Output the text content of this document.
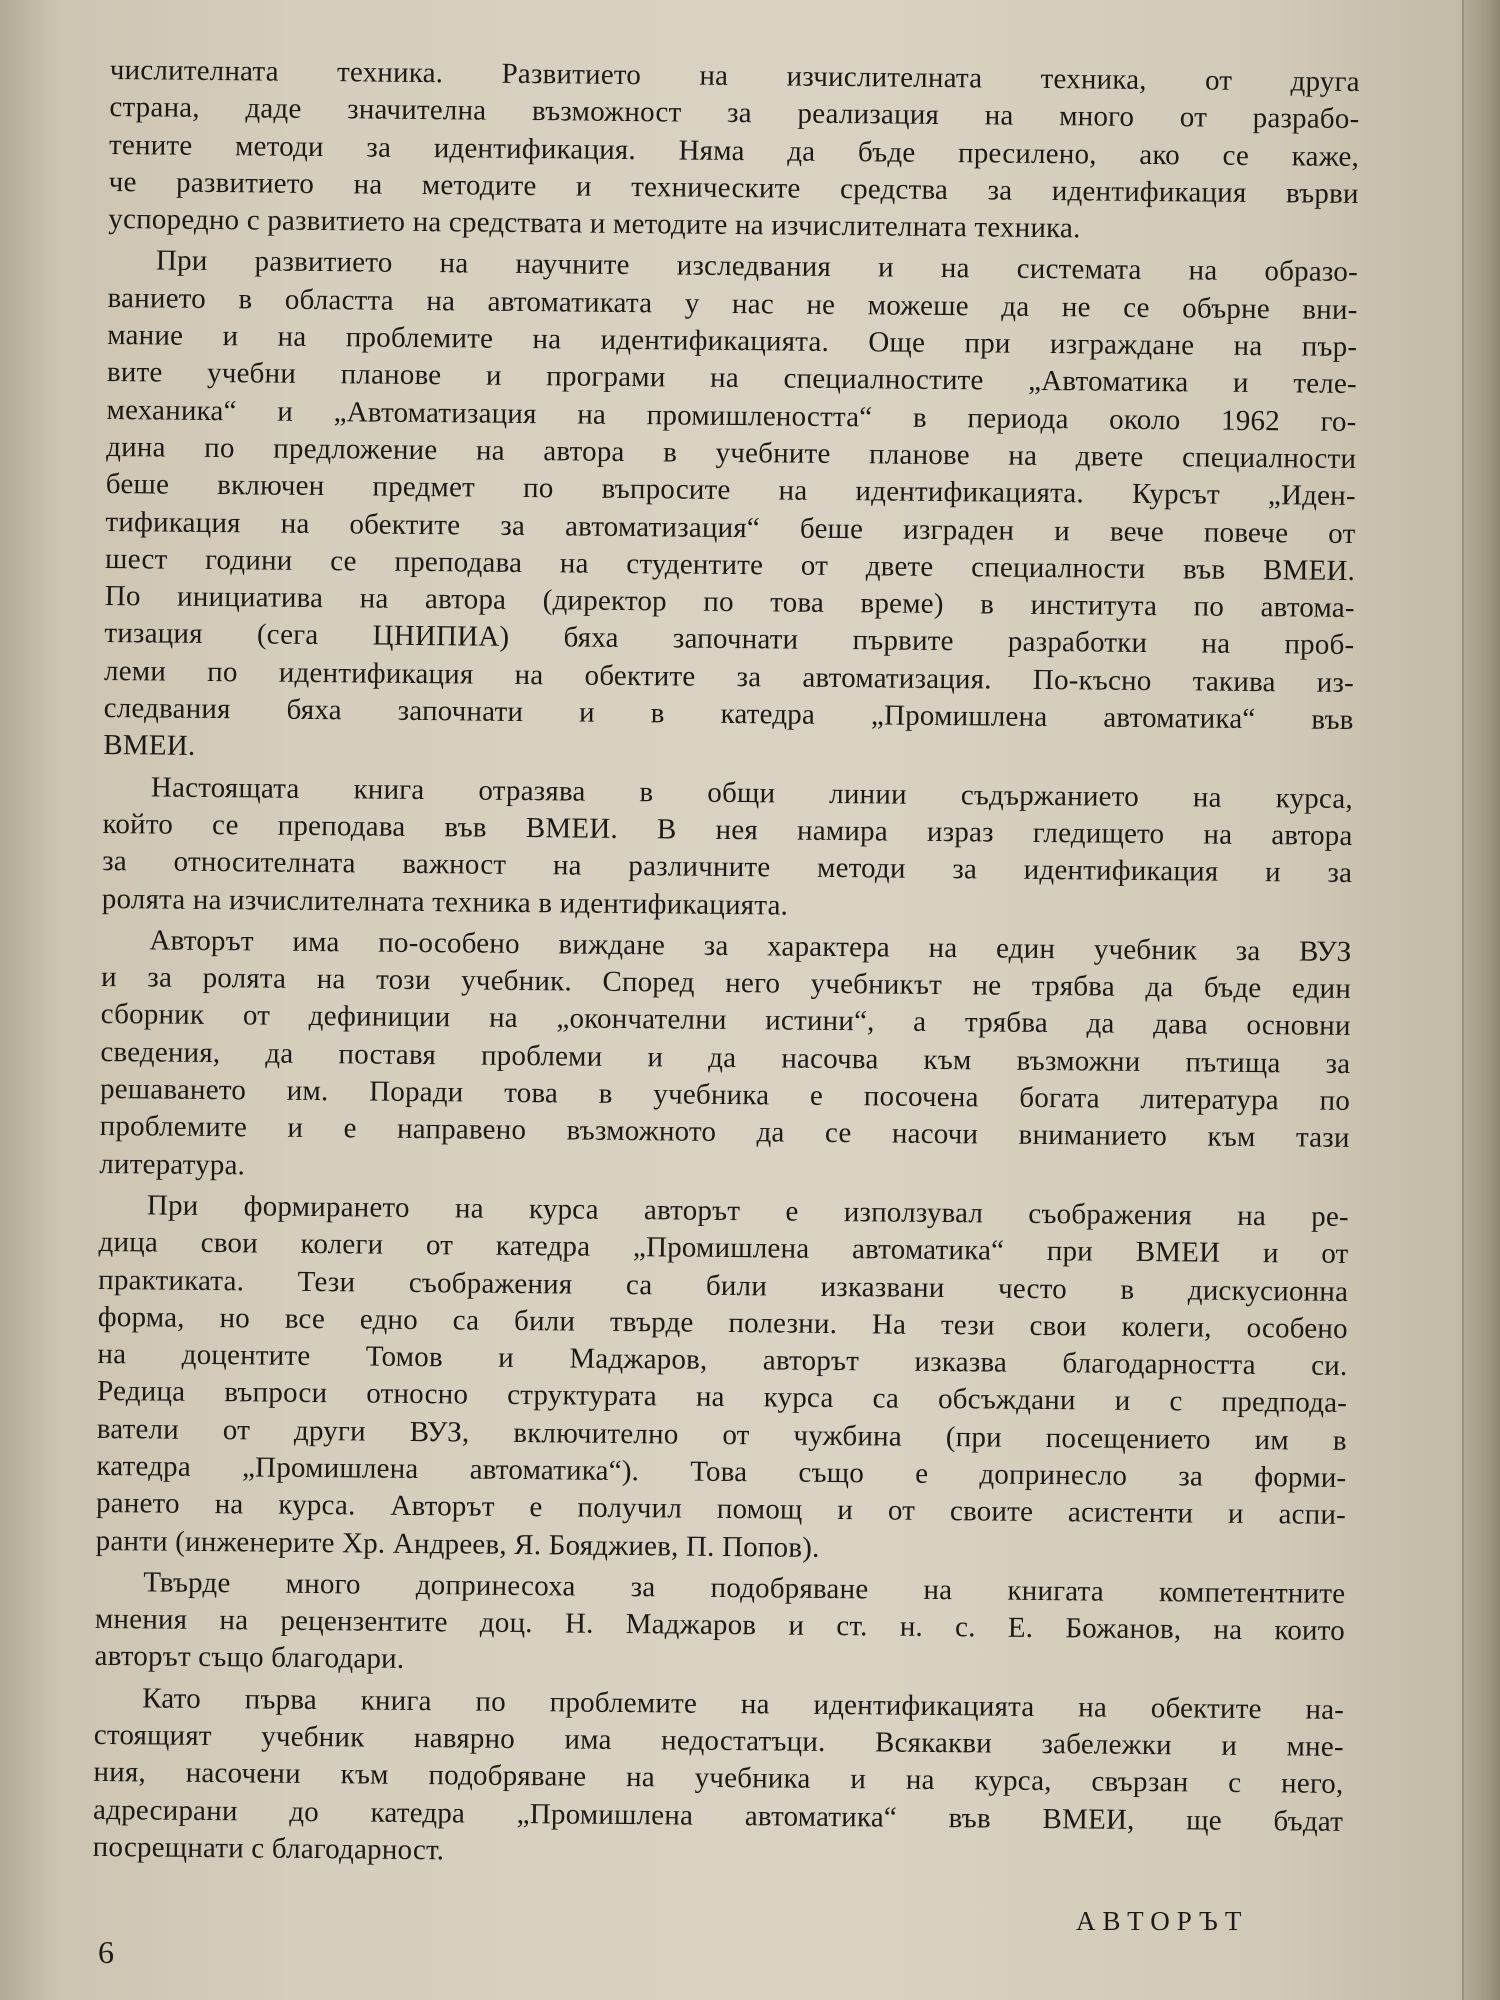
числителната техника. Развитието на изчислителната техника, от друга
страна, даде значителна възможност за реализация на много от разрабо-
тените методи за идентификация. Няма да бъде пресилено, ако се каже,
че развитието на методите и техническите средства за идентификация върви
успоредно с развитието на средствата и методите на изчислителната техника.
При развитието на научните изследвания и на системата на образо-
ванието в областта на автоматиката у нас не можеше да не се обърне вни-
мание и на проблемите на идентификацията. Още при изграждане на пър-
вите учебни планове и програми на специалностите „Автоматика и теле-
механика“ и „Автоматизация на промишлеността“ в периода около 1962 го-
дина по предложение на автора в учебните планове на двете специалности
беше включен предмет по въпросите на идентификацията. Курсът „Иден-
тификация на обектите за автоматизация“ беше изграден и вече повече от
шест години се преподава на студентите от двете специалности във ВМЕИ.
По инициатива на автора (директор по това време) в института по автома-
тизация (сега ЦНИПИА) бяха започнати първите разработки на проб-
леми по идентификация на обектите за автоматизация. По-късно такива из-
следвания бяха започнати и в катедра „Промишлена автоматика“ във
ВМЕИ.
Настоящата книга отразява в общи линии съдържанието на курса,
който се преподава във ВМЕИ. В нея намира израз гледището на автора
за относителната важност на различните методи за идентификация и за
ролята на изчислителната техника в идентификацията.
Авторът има по-особено виждане за характера на един учебник за ВУЗ
и за ролята на този учебник. Според него учебникът не трябва да бъде един
сборник от дефиниции на „окончателни истини“, а трябва да дава основни
сведения, да поставя проблеми и да насочва към възможни пътища за
решаването им. Поради това в учебника е посочена богата литература по
проблемите и е направено възможното да се насочи вниманието към тази
литература.
При формирането на курса авторът е използувал съображения на ре-
дица свои колеги от катедра „Промишлена автоматика“ при ВМЕИ и от
практиката. Тези съображения са били изказвани често в дискусионна
форма, но все едно са били твърде полезни. На тези свои колеги, особено
на доцентите Томов и Маджаров, авторът изказва благодарността си.
Редица въпроси относно структурата на курса са обсъждани и с предпода-
ватели от други ВУЗ, включително от чужбина (при посещението им в
катедра „Промишлена автоматика“). Това също е допринесло за форми-
рането на курса. Авторът е получил помощ и от своите асистенти и аспи-
ранти (инженерите Хр. Андреев, Я. Бояджиев, П. Попов).
Твърде много допринесоха за подобряване на книгата компетентните
мнения на рецензентите доц. Н. Маджаров и ст. н. с. Е. Божанов, на които
авторът също благодари.
Като първа книга по проблемите на идентификацията на обектите на-
стоящият учебник навярно има недостатъци. Всякакви забележки и мне-
ния, насочени към подобряване на учебника и на курса, свързан с него,
адресирани до катедра „Промишлена автоматика“ във ВМЕИ, ще бъдат
посрещнати с благодарност.
АВТОРЪТ
6
